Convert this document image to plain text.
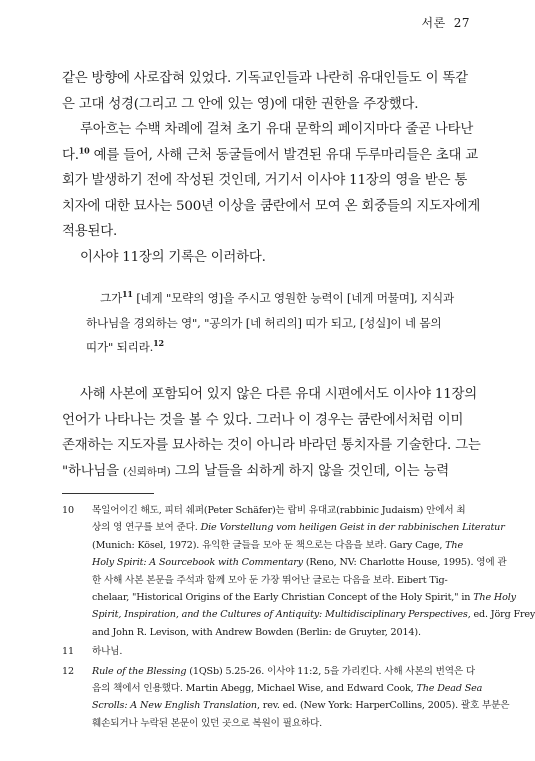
서론 27
같은 방향에 사로잡혀 있었다. 기독교인들과 나란히 유대인들도 이 똑같
은 고대 성경(그리고 그 안에 있는 영)에 대한 권한을 주장했다.
루아흐는 수백 차례에 걸쳐 초기 유대 문학의 페이지마다 줄곧 나타난
다.$^{10}$ 예를 들어, 사해 근처 동굴들에서 발견된 유대 두루마리들은 초대 교
회가 발생하기 전에 작성된 것인데, 거기서 이사야 11장의 영을 받은 통
치자에 대한 묘사는 500년 이상을 쿰란에서 모여 온 회중들의 지도자에게
적용된다.
이사야 11장의 기록은 이러하다.
그가$^{11}$ [네게 "모략의 영]을 주시고 영원한 능력이 [네게 머물며], 지식과
하나님을 경외하는 영", "공의가 [네 허리의] 띠가 되고, [성실]이 네 몸의
띠가" 되리라.$^{12}$
사해 사본에 포함되어 있지 않은 다른 유대 시편에서도 이사야 11장의
언어가 나타나는 것을 볼 수 있다. 그러나 이 경우는 쿰란에서처럼 이미
존재하는 지도자를 묘사하는 것이 아니라 바라던 통치자를 기술한다. 그는
"하나님을 (신뢰하며) 그의 날들을 쇠하게 하지 않을 것인데, 이는 능력
10 목일어이긴 해도, 피터 쉐퍼(Peter Schäfer)는 랍비 유대교(rabbinic Judaism) 안에서 최
상의 영 연구를 보여 준다. Die Vorstellung vom heiligen Geist in der rabbinischen Literatur
(Munich: Kösel, 1972). 유익한 글들을 모아 둔 책으로는 다음을 보라. Gary Cage, The
Holy Spirit: A Sourcebook with Commentary (Reno, NV: Charlotte House, 1995). 영에 관
한 사해 사본 본문을 주석과 함께 모아 둔 가장 뛰어난 글로는 다음을 보라. Eibert Tig-
chelaar, "Historical Origins of the Early Christian Concept of the Holy Spirit," in The Holy
Spirit, Inspiration, and the Cultures of Antiquity: Multidisciplinary Perspectives, ed. Jörg Frey
and John R. Levison, with Andrew Bowden (Berlin: de Gruyter, 2014).
11 하나님.
12 Rule of the Blessing (1QSb) 5.25-26. 이사야 11:2, 5을 가리킨다. 사해 사본의 번역은 다
음의 책에서 인용했다. Martin Abegg, Michael Wise, and Edward Cook, The Dead Sea
Scrolls: A New English Translation, rev. ed. (New York: HarperCollins, 2005). 괄호 부분은
훼손되거나 누락된 본문이 있던 곳으로 복원이 필요하다.
